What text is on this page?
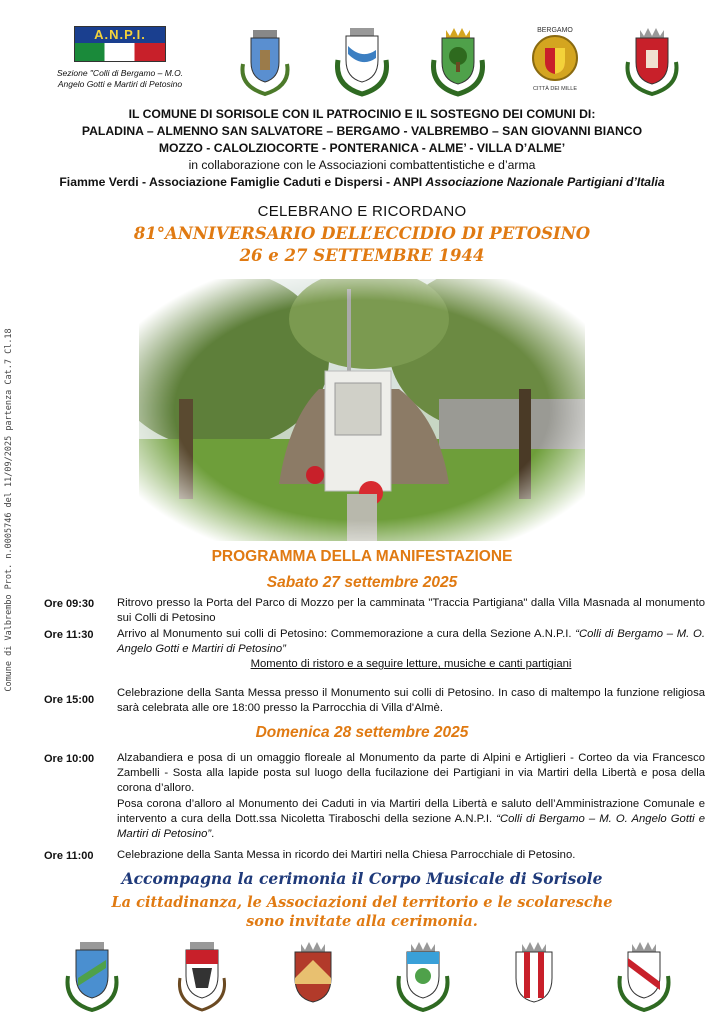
A.N.P.I.
Sezione "Colli di Bergamo – M.O.
Angelo Gotti e Martiri di Petosino
BERGAMO
CITTÀ DEI MILLE
IL COMUNE DI SORISOLE CON IL PATROCINIO E IL SOSTEGNO DEI COMUNI DI:
PALADINA – ALMENNO SAN SALVATORE – BERGAMO - VALBREMBO – SAN GIOVANNI BIANCO
MOZZO - CALOLZIOCORTE - PONTERANICA - ALME’ - VILLA D’ALME’
in collaborazione con le Associazioni combattentistiche e d’arma
Fiamme Verdi - Associazione Famiglie Caduti e Dispersi - ANPI Associazione Nazionale Partigiani d’Italia
CELEBRANO E RICORDANO
81°ANNIVERSARIO DELL’ECCIDIO DI PETOSINO
26 e 27 SETTEMBRE 1944
PROGRAMMA DELLA MANIFESTAZIONE
Sabato 27 settembre 2025
Ore 09:30 Ritrovo presso la Porta del Parco di Mozzo per la camminata "Traccia Partigiana" dalla Villa Masnada al monumento sui Colli di Petosino
Ore 11:30 Arrivo al Monumento sui colli di Petosino: Commemorazione a cura della Sezione A.N.P.I. “Colli di Bergamo – M. O. Angelo Gotti e Martiri di Petosino”
Momento di ristoro e a seguire letture, musiche e canti partigiani
Ore 15:00
Celebrazione della Santa Messa presso il Monumento sui colli di Petosino. In caso di maltempo la funzione religiosa sarà celebrata alle ore 18:00 presso la Parrocchia di Villa d'Almè.
Domenica 28 settembre 2025
Ore 10:00 Alzabandiera e posa di un omaggio floreale al Monumento da parte di Alpini e Artiglieri - Corteo da via Francesco Zambelli - Sosta alla lapide posta sul luogo della fucilazione dei Partigiani in via Martiri della Libertà e posa della corona d’alloro.
Posa corona d’alloro al Monumento dei Caduti in via Martiri della Libertà e saluto dell’Amministrazione Comunale e intervento a cura della Dott.ssa Nicoletta Tiraboschi della sezione A.N.P.I. “Colli di Bergamo – M. O. Angelo Gotti e Martiri di Petosino”.
Ore 11:00 Celebrazione della Santa Messa in ricordo dei Martiri nella Chiesa Parrocchiale di Petosino.
Comune di Valbrembo Prot. n.0005746 del 11/09/2025 partenza Cat.7 Cl.18
Accompagna la cerimonia il Corpo Musicale di Sorisole
La cittadinanza, le Associazioni del territorio e le scolaresche
sono invitate alla cerimonia.
